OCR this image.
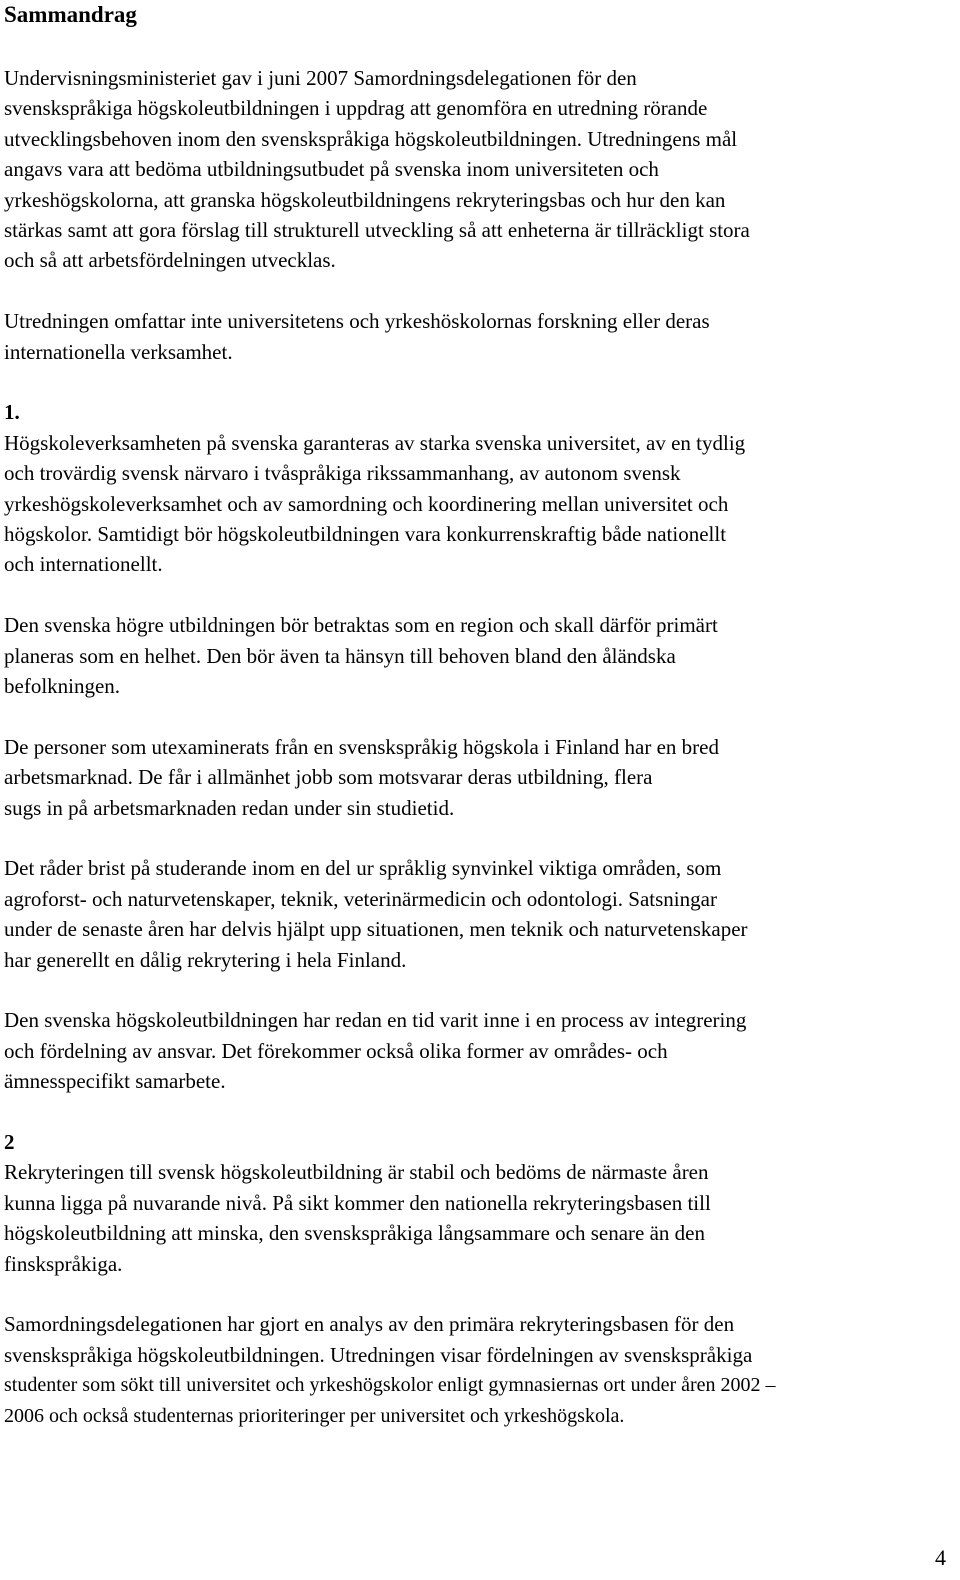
Sammandrag
Undervisningsministeriet gav i juni 2007 Samordningsdelegationen för den
svenskspråkiga högskoleutbildningen i uppdrag att genomföra en utredning rörande
utvecklingsbehoven inom den svenskspråkiga högskoleutbildningen. Utredningens mål
angavs vara att bedöma utbildningsutbudet på svenska inom universiteten och
yrkeshögskolorna, att granska högskoleutbildningens rekryteringsbas och hur den kan
stärkas samt att gora förslag till strukturell utveckling så att enheterna är tillräckligt stora
och så att arbetsfördelningen utvecklas.
Utredningen omfattar inte universitetens och yrkeshöskolornas forskning eller deras
internationella verksamhet.
1.
Högskoleverksamheten på svenska garanteras av starka svenska universitet, av en tydlig
och trovärdig svensk närvaro i tvåspråkiga rikssammanhang, av autonom svensk
yrkeshögskoleverksamhet och av samordning och koordinering mellan universitet och
högskolor. Samtidigt bör högskoleutbildningen vara konkurrenskraftig både nationellt
och internationellt.
Den svenska högre utbildningen bör betraktas som en region och skall därför primärt
planeras som en helhet. Den bör även ta hänsyn till behoven bland den åländska
befolkningen.
De personer som utexaminerats från en svenskspråkig högskola i Finland har en bred
arbetsmarknad. De får i allmänhet jobb som motsvarar deras utbildning, flera
sugs in på arbetsmarknaden redan under sin studietid.
Det råder brist på studerande inom en del ur språklig synvinkel viktiga områden, som
agroforst- och naturvetenskaper, teknik, veterinärmedicin och odontologi. Satsningar
under de senaste åren har delvis hjälpt upp situationen, men teknik och naturvetenskaper
har generellt en dålig rekrytering i hela Finland.
Den svenska högskoleutbildningen har redan en tid varit inne i en process av integrering
och fördelning av ansvar. Det förekommer också olika former av områdes- och
ämnesspecifikt samarbete.
2
Rekryteringen till svensk högskoleutbildning är stabil och bedöms de närmaste åren
kunna ligga på nuvarande nivå. På sikt kommer den nationella rekryteringsbasen till
högskoleutbildning att minska, den svenskspråkiga långsammare och senare än den
finskspråkiga.
Samordningsdelegationen har gjort en analys av den primära rekryteringsbasen för den
svenskspråkiga högskoleutbildningen. Utredningen visar fördelningen av svenskspråkiga
studenter som sökt till universitet och yrkeshögskolor enligt gymnasiernas ort under åren 2002 –
2006 och också studenternas prioriteringer per universitet och yrkeshögskola.
4
